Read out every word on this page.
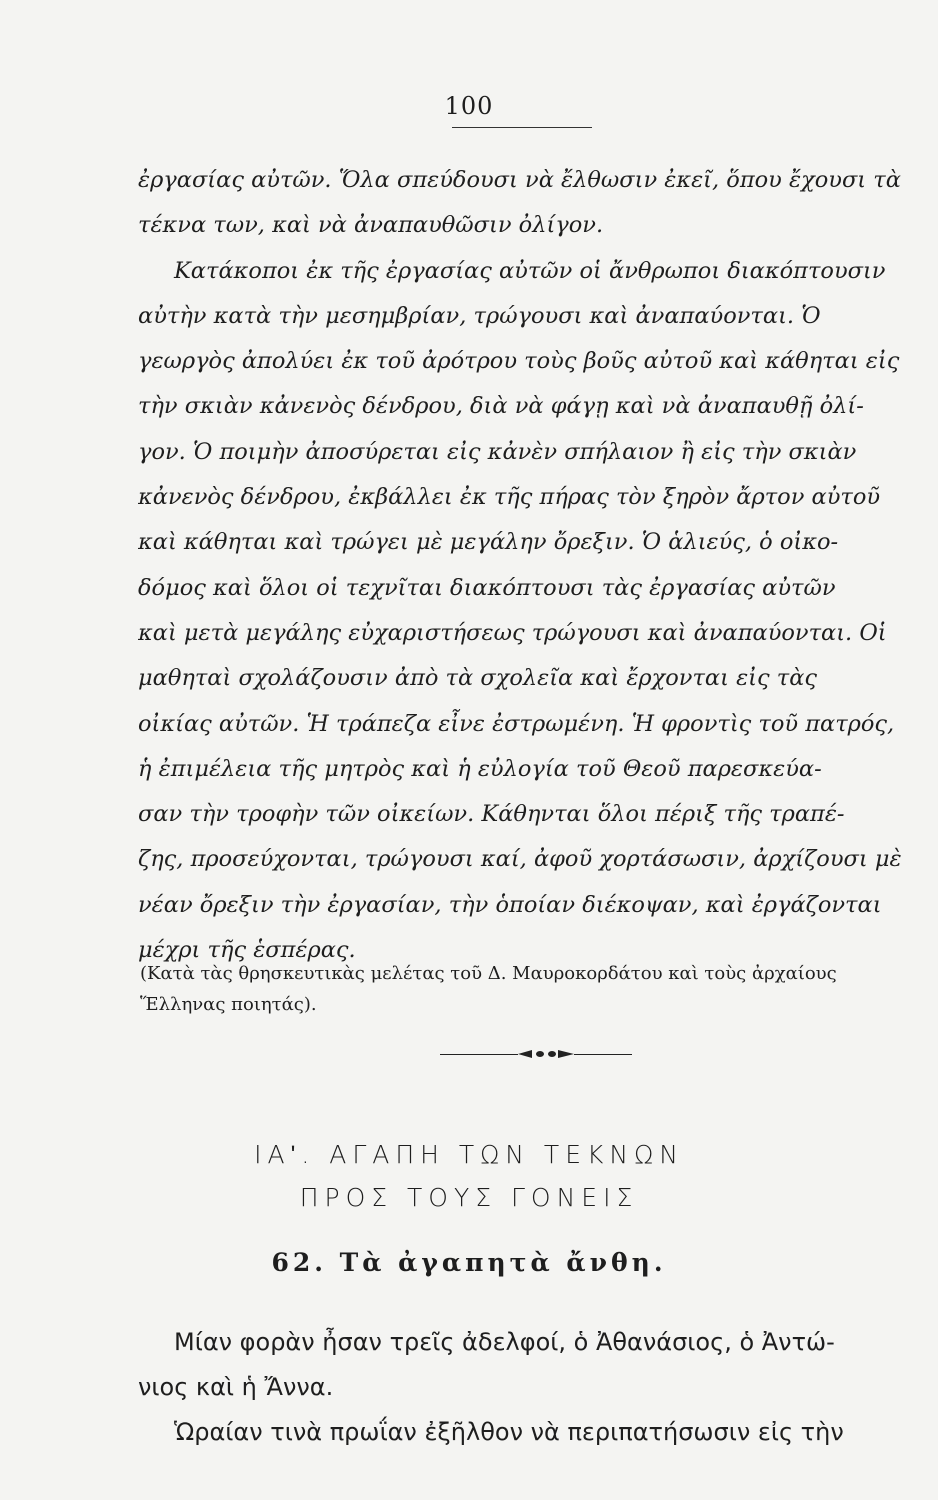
100
ἐργασίας αὐτῶν. Ὅλα σπεύδουσι νὰ ἔλθωσιν ἐκεῖ, ὅπου ἔχουσι τὰ
τέκνα των, καὶ νὰ ἀναπαυθῶσιν ὀλίγον.
Κατάκοποι ἐκ τῆς ἐργασίας αὐτῶν οἱ ἄνθρωποι διακόπτουσιν
αὐτὴν κατὰ τὴν μεσημβρίαν, τρώγουσι καὶ ἀναπαύονται. Ὁ
γεωργὸς ἀπολύει ἐκ τοῦ ἀρότρου τοὺς βοῦς αὐτοῦ καὶ κάθηται εἰς
τὴν σκιὰν κἀνενὸς δένδρου, διὰ νὰ φάγῃ καὶ νὰ ἀναπαυθῇ ὀλί-
γον. Ὁ ποιμὴν ἀποσύρεται εἰς κἀνὲν σπήλαιον ἢ εἰς τὴν σκιὰν
κἀνενὸς δένδρου, ἐκβάλλει ἐκ τῆς πήρας τὸν ξηρὸν ἄρτον αὐτοῦ
καὶ κάθηται καὶ τρώγει μὲ μεγάλην ὄρεξιν. Ὁ ἁλιεύς, ὁ οἰκο-
δόμος καὶ ὅλοι οἱ τεχνῖται διακόπτουσι τὰς ἐργασίας αὐτῶν
καὶ μετὰ μεγάλης εὐχαριστήσεως τρώγουσι καὶ ἀναπαύονται. Οἱ
μαθηταὶ σχολάζουσιν ἀπὸ τὰ σχολεῖα καὶ ἔρχονται εἰς τὰς
οἰκίας αὐτῶν. Ἡ τράπεζα εἶνε ἐστρωμένη. Ἡ φροντὶς τοῦ πατρός,
ἡ ἐπιμέλεια τῆς μητρὸς καὶ ἡ εὐλογία τοῦ Θεοῦ παρεσκεύα-
σαν τὴν τροφὴν τῶν οἰκείων. Κάθηνται ὅλοι πέριξ τῆς τραπέ-
ζης, προσεύχονται, τρώγουσι καί, ἀφοῦ χορτάσωσιν, ἀρχίζουσι μὲ
νέαν ὄρεξιν τὴν ἐργασίαν, τὴν ὁποίαν διέκοψαν, καὶ ἐργάζονται
μέχρι τῆς ἑσπέρας.
(Κατὰ τὰς θρησκευτικὰς μελέτας τοῦ Δ. Μαυροκορδάτου καὶ τοὺς ἀρχαίους
Ἕλληνας ποιητάς).
ΙΑʹ. ΑΓΑΠΗ ΤΩΝ ΤΕΚΝΩΝ
ΠΡΟΣ ΤΟΥΣ ΓΟΝΕΙΣ
62. Τὰ ἀγαπητὰ ἄνθη.
Μίαν φορὰν ἦσαν τρεῖς ἀδελφοί, ὁ Ἀθανάσιος, ὁ Ἀντώ-
νιος καὶ ἡ Ἄννα.
Ὡραίαν τινὰ πρωΐαν ἐξῆλθον νὰ περιπατήσωσιν εἰς τὴν
